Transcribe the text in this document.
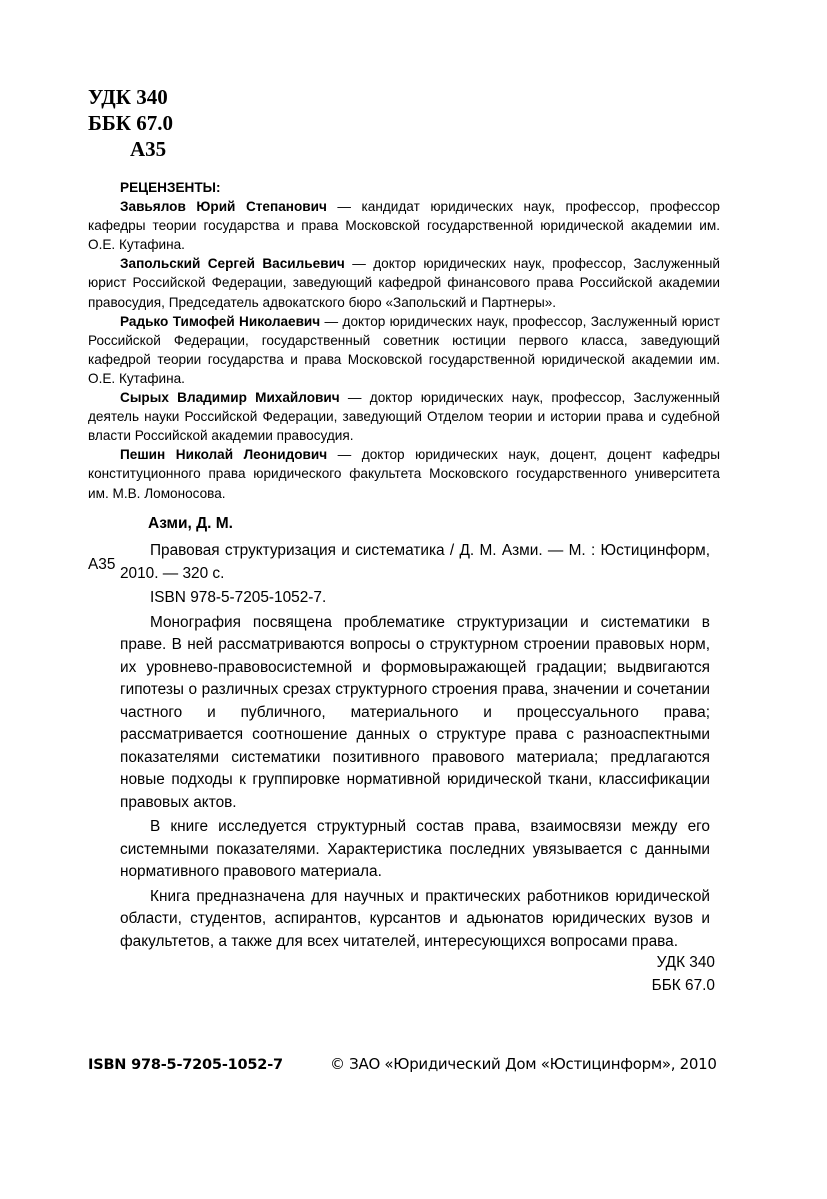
УДК 340
ББК 67.0
А35

РЕЦЕНЗЕНТЫ:

Завьялов Юрий Степанович — кандидат юридических наук, профессор, профессор кафедры теории государства и права Московской государственной юридической академии им. О.Е. Кутафина.

Запольский Сергей Васильевич — доктор юридических наук, профессор, Заслуженный юрист Российской Федерации, заведующий кафедрой финансового права Российской академии правосудия, Председатель адвокатского бюро «Запольский и Партнеры».

Радько Тимофей Николаевич — доктор юридических наук, профессор, Заслуженный юрист Российской Федерации, государственный советник юстиции первого класса, заведующий кафедрой теории государства и права Московской государственной юридической академии им. О.Е. Кутафина.

Сырых Владимир Михайлович — доктор юридических наук, профессор, Заслуженный деятель науки Российской Федерации, заведующий Отделом теории и истории права и судебной власти Российской академии правосудия.

Пешин Николай Леонидович — доктор юридических наук, доцент, доцент кафедры конституционного права юридического факультета Московского государственного университета им. М.В. Ломоносова.

Азми, Д. М.
А35

Правовая структуризация и систематика / Д. М. Азми. — М. : Юстицинформ, 2010. — 320 с.

ISBN 978-5-7205-1052-7.

Монография посвящена проблематике структуризации и систематики в праве. В ней рассматриваются вопросы о структурном строении правовых норм, их уровнево-правовосистемной и формовыражающей градации; выдвигаются гипотезы о различных срезах структурного строения права, значении и сочетании частного и публичного, материального и процессуального права; рассматривается соотношение данных о структуре права с разноаспектными показателями систематики позитивного правового материала; предлагаются новые подходы к группировке нормативной юридической ткани, классификации правовых актов.

В книге исследуется структурный состав права, взаимосвязи между его системными показателями. Характеристика последних увязывается с данными нормативного правового материала.

Книга предназначена для научных и практических работников юридической области, студентов, аспирантов, курсантов и адьюнатов юридических вузов и факультетов, а также для всех читателей, интересующихся вопросами права.

УДК 340
ББК 67.0
ISBN 978-5-7205-1052-7	© ЗАО «Юридический Дом «Юстицинформ», 2010
